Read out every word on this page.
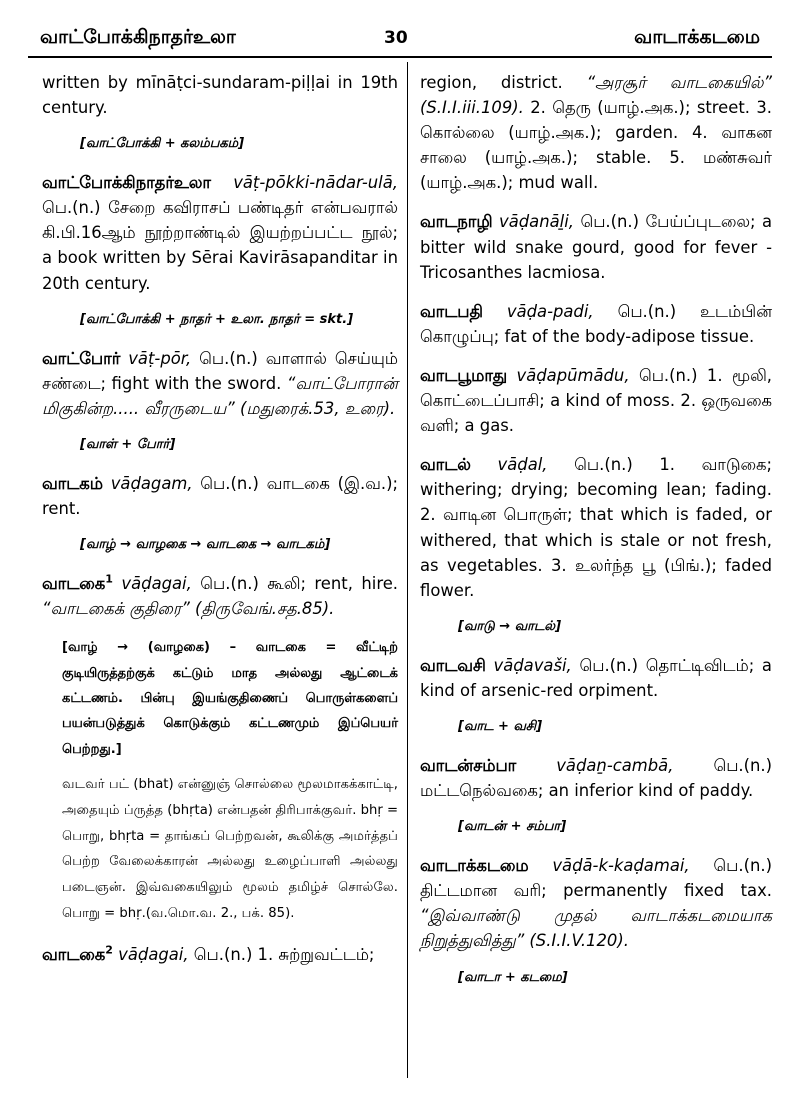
வாட்போக்கிநாதர்உலா	30	வாடாக்கடமை
written by mīnāṭci-sundaram-piḷḷai in 19th century.
[வாட்போக்கி + கலம்பகம்]
வாட்போக்கிநாதர்உலா vāṭ-pōkki-nādar-ulā, பெ.(n.) சேறை கவிராசப் பண்டிதர் என்பவரால் கி.பி.16ஆம் நூற்றாண்டில் இயற்றப்பட்ட நூல்; a book written by Sērai Kavirāsapanditar in 20th century.
[வாட்போக்கி + நாதர் + உலா. நாதர் = skt.]
வாட்போர் vāṭ-pōr, பெ.(n.) வாளால் செய்யும் சண்டை; fight with the sword. “வாட்போரான் மிகுகின்ற..... வீரருடைய” (மதுரைக்.53, உரை).
[வாள் + போர்]
வாடகம் vāḍagam, பெ.(n.) வாடகை (இ.வ.); rent.
[வாழ் → வாழகை → வாடகை → வாடகம்]
வாடகை$^1$ vāḍagai, பெ.(n.) கூலி; rent, hire. “வாடகைக் குதிரை” (திருவேங்.சத.85).
[வாழ் → (வாழகை) – வாடகை = வீட்டிற் குடியிருத்தற்குக் கட்டும் மாத அல்லது ஆட்டைக் கட்டணம். பின்பு இயங்குதிணைப் பொருள்களைப் பயன்படுத்துக் கொடுக்கும் கட்டணமும் இப்பெயர் பெற்றது.]
வடவர் பட் (bhat) என்னுஞ் சொல்லை மூலமாகக்காட்டி, அதையும் ப்ருத்த (bhṛta) என்பதன் திரிபாக்குவர். bhṛ = பொறு, bhṛta = தாங்கப் பெற்றவன், கூலிக்கு அமர்த்தப் பெற்ற வேலைக்காரன் அல்லது உழைப்பாளி அல்லது படைஞன். இவ்வகையிலும் மூலம் தமிழ்ச் சொல்லே. பொறு = bhṛ.(வ.மொ.வ. 2., பக். 85).
வாடகை$^2$ vāḍagai, பெ.(n.) 1. சுற்றுவட்டம்;
region, district. “அரசூர் வாடகையில்” (S.I.I.iii.109). 2. தெரு (யாழ்.அக.); street. 3. கொல்லை (யாழ்.அக.); garden. 4. வாகன சாலை (யாழ்.அக.); stable. 5. மண்சுவர் (யாழ்.அக.); mud wall.
வாடநாழி vāḍanāḻi, பெ.(n.) பேய்ப்புடலை; a bitter wild snake gourd, good for fever - Tricosanthes lacmiosa.
வாடபதி vāḍa-padi, பெ.(n.) உடம்பின் கொழுப்பு; fat of the body-adipose tissue.
வாடபூமாது vāḍapūmādu, பெ.(n.) 1. மூலி, கொட்டைப்பாசி; a kind of moss. 2. ஒருவகை வளி; a gas.
வாடல் vāḍal, பெ.(n.) 1. வாடுகை; withering; drying; becoming lean; fading. 2. வாடின பொருள்; that which is faded, or withered, that which is stale or not fresh, as vegetables. 3. உலர்ந்த பூ (பிங்.); faded flower.
[வாடு → வாடல்]
வாடவசி vāḍavaši, பெ.(n.) தொட்டிவிடம்; a kind of arsenic-red orpiment.
[வாட + வசி]
வாடன்சம்பா vāḍaṉ-cambā, பெ.(n.) மட்டநெல்வகை; an inferior kind of paddy.
[வாடன் + சம்பா]
வாடாக்கடமை vāḍā-k-kaḍamai, பெ.(n.) திட்டமான வரி; permanently fixed tax. “இவ்வாண்டு முதல் வாடாக்கடமையாக நிறுத்துவித்து” (S.I.I.V.120).
[வாடா + கடமை]
